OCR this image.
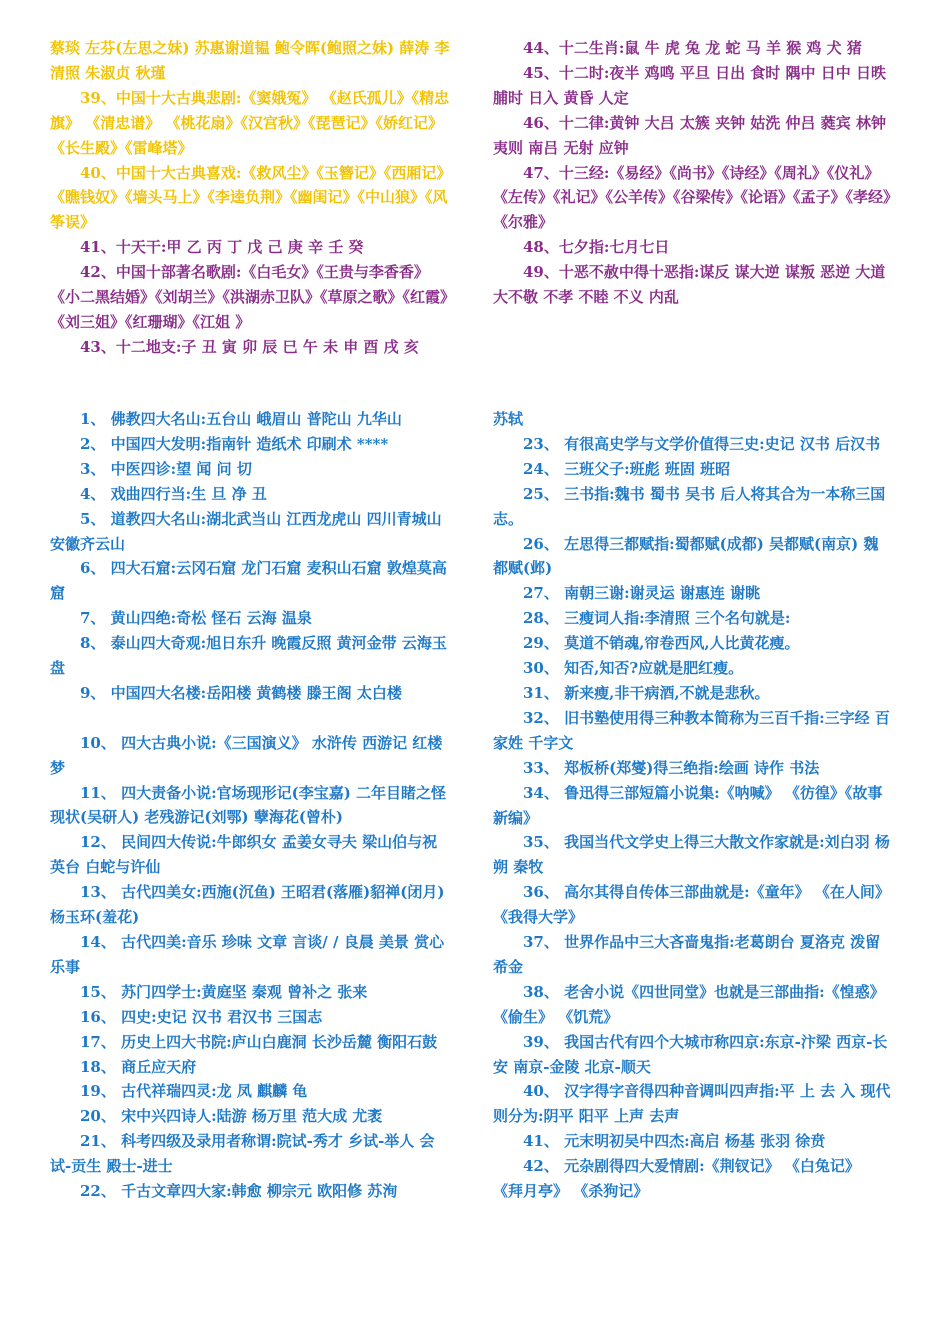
蔡琰 左芬(左思之妹) 苏惠谢道韫 鲍令晖(鲍照之妹) 薛涛 李清照 朱淑贞 秋瑾

39、中国十大古典悲剧:《窦娥冤》 《赵氏孤儿》《精忠旗》 《清忠谱》 《桃花扇》《汉宫秋》《琵琶记》《娇红记》《长生殿》《雷峰塔》

40、中国十大古典喜戏:《救风尘》《玉簪记》《西厢记》《瞧钱奴》《墙头马上》《李逵负荆》《幽闺记》《中山狼》《风筝误》

41、十天干:甲 乙 丙 丁 戊 己 庚 辛 壬 癸

42、中国十部著名歌剧:《白毛女》《王贵与李香香》《小二黑结婚》《刘胡兰》《洪湖赤卫队》《草原之歌》《红霞》《刘三姐》《红珊瑚》《江姐 》

43、十二地支:子 丑 寅 卯 辰 巳 午 未 申 酉 戌 亥

44、十二生肖:鼠 牛 虎 兔 龙 蛇 马 羊 猴 鸡 犬 猪

45、十二时:夜半 鸡鸣 平旦 日出 食时 隅中 日中 日昳 脯时 日入 黄昏 人定

46、十二律:黄钟 大吕 太簇 夹钟 姑洗 仲吕 蕤宾 林钟 夷则 南吕 无射 应钟

47、十三经:《易经》《尚书》《诗经》《周礼》《仪礼》《左传》《礼记》《公羊传》《谷梁传》《论语》《孟子》《孝经》《尔雅》

48、七夕指:七月七日

49、十恶不赦中得十恶指:谋反 谋大逆 谋叛 恶逆 大道 大不敬 不孝 不睦 不义 内乱

1、 佛教四大名山:五台山 峨眉山 普陀山 九华山

2、 中国四大发明:指南针 造纸术 印刷术 ****

3、 中医四诊:望 闻 问 切

4、 戏曲四行当:生 旦 净 丑

5、 道教四大名山:湖北武当山 江西龙虎山 四川青城山 安徽齐云山

6、 四大石窟:云冈石窟 龙门石窟 麦积山石窟 敦煌莫高窟

7、 黄山四绝:奇松 怪石 云海 温泉

8、 泰山四大奇观:旭日东升 晚霞反照 黄河金带 云海玉盘

9、 中国四大名楼:岳阳楼 黄鹤楼 滕王阁 太白楼

10、 四大古典小说:《三国演义》 水浒传 西游记 红楼梦

11、 四大责备小说:官场现形记(李宝嘉) 二年目睹之怪现状(吴研人) 老残游记(刘鄂) 孽海花(曾朴)

12、 民间四大传说:牛郎织女 孟姜女寻夫 梁山伯与祝英台 白蛇与许仙

13、 古代四美女:西施(沉鱼) 王昭君(落雁)貂禅(闭月) 杨玉环(羞花)

14、 古代四美:音乐 珍味 文章 言谈/ / 良晨 美景 赏心 乐事

15、 苏门四学士:黄庭坚 秦观 曾补之 张来

16、 四史:史记 汉书 君汉书 三国志

17、 历史上四大书院:庐山白鹿洞 长沙岳麓 衡阳石鼓

18、 商丘应天府

19、 古代祥瑞四灵:龙 凤 麒麟 龟

20、 宋中兴四诗人:陆游 杨万里 范大成 尤袤

21、 科考四级及录用者称谓:院试-秀才 乡试-举人 会试-贡生 殿士-进士

22、 千古文章四大家:韩愈 柳宗元 欧阳修 苏洵

苏轼

23、 有很高史学与文学价值得三史:史记 汉书 后汉书

24、 三班父子:班彪 班固 班昭

25、 三书指:魏书 蜀书 吴书 后人将其合为一本称三国志。

26、 左思得三都赋指:蜀都赋(成都) 吴都赋(南京) 魏都赋(邺)

27、 南朝三谢:谢灵运 谢惠连 谢眺

28、 三瘦词人指:李清照 三个名句就是:

29、 莫道不销魂,帘卷西风,人比黄花瘦。

30、 知否,知否?应就是肥红瘦。

31、 新来瘦,非干病酒,不就是悲秋。

32、 旧书塾使用得三种教本简称为三百千指:三字经 百家姓 千字文

33、 郑板桥(郑燮)得三绝指:绘画 诗作 书法

34、 鲁迅得三部短篇小说集:《呐喊》 《彷徨》《故事新编》

35、 我国当代文学史上得三大散文作家就是:刘白羽 杨朔 秦牧

36、 高尔其得自传体三部曲就是:《童年》 《在人间》 《我得大学》

37、 世界作品中三大吝啬鬼指:老葛朗台 夏洛克 泼留希金

38、 老舍小说《四世同堂》也就是三部曲指:《惶惑》 《偷生》 《饥荒》

39、 我国古代有四个大城市称四京:东京-汴梁 西京-长安 南京-金陵 北京-顺天

40、 汉字得字音得四种音调叫四声指:平 上 去 入 现代则分为:阴平 阳平 上声 去声

41、 元末明初吴中四杰:高启 杨基 张羽 徐贲

42、 元杂剧得四大爱情剧:《荆钗记》 《白兔记》 《拜月亭》 《杀狗记》
